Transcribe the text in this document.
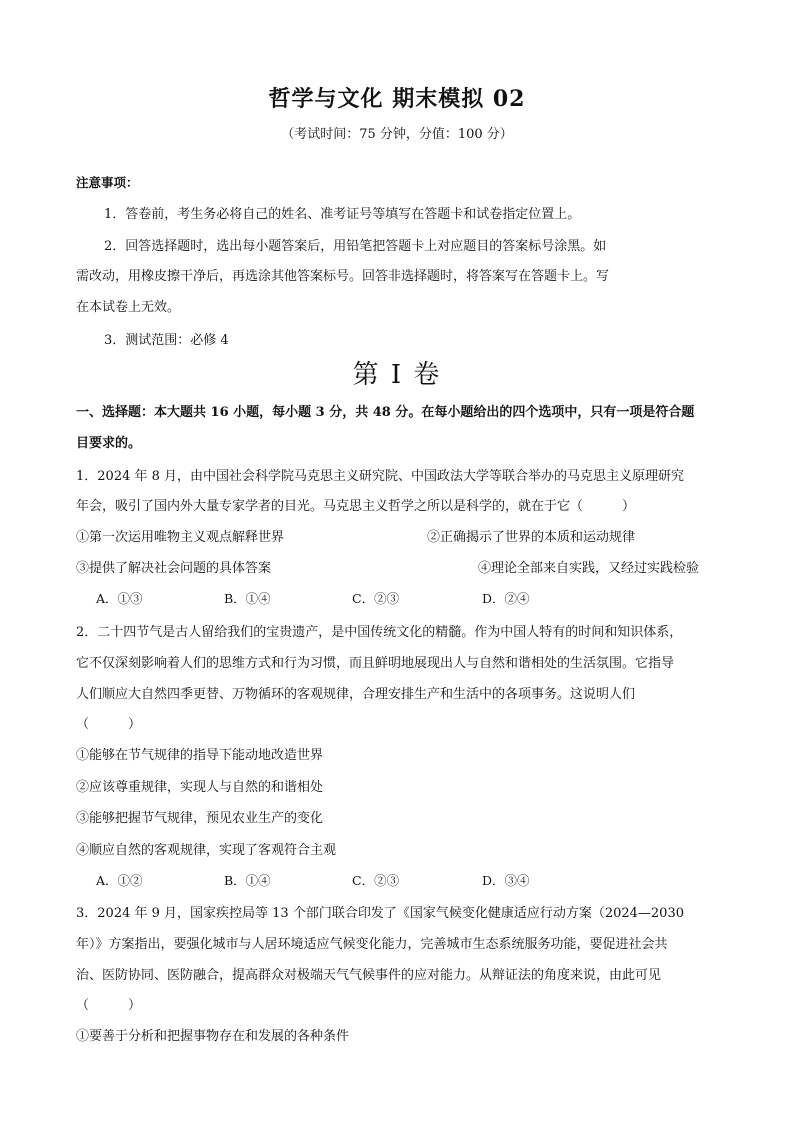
哲学与文化 期末模拟 02
（考试时间：75 分钟，分值：100 分）
注意事项：
1．答卷前，考生务必将自己的姓名、准考证号等填写在答题卡和试卷指定位置上。
2．回答选择题时，选出每小题答案后，用铅笔把答题卡上对应题目的答案标号涂黑。如
需改动，用橡皮擦干净后，再选涂其他答案标号。回答非选择题时，将答案写在答题卡上。写
在本试卷上无效。
3．测试范围：必修 4
第 I 卷
一、选择题：本大题共 16 小题，每小题 3 分，共 48 分。在每小题给出的四个选项中，只有一项是符合题
目要求的。
1．2024 年 8 月，由中国社会科学院马克思主义研究院、中国政法大学等联合举办的马克思主义原理研究
年会，吸引了国内外大量专家学者的目光。马克思主义哲学之所以是科学的，就在于它（　　　）
①第一次运用唯物主义观点解释世界	②正确揭示了世界的本质和运动规律
③提供了解决社会问题的具体答案	④理论全部来自实践，又经过实践检验
A．①③	B．①④	C．②③	D．②④
2．二十四节气是古人留给我们的宝贵遗产，是中国传统文化的精髓。作为中国人特有的时间和知识体系，
它不仅深刻影响着人们的思维方式和行为习惯，而且鲜明地展现出人与自然和谐相处的生活氛围。它指导
人们顺应大自然四季更替、万物循环的客观规律，合理安排生产和生活中的各项事务。这说明人们
（　　　）
①能够在节气规律的指导下能动地改造世界
②应该尊重规律，实现人与自然的和谐相处
③能够把握节气规律，预见农业生产的变化
④顺应自然的客观规律，实现了客观符合主观
A．①②	B．①④	C．②③	D．③④
3．2024 年 9 月，国家疾控局等 13 个部门联合印发了《国家气候变化健康适应行动方案（2024—2030
年）》方案指出，要强化城市与人居环境适应气候变化能力，完善城市生态系统服务功能，要促进社会共
治、医防协同、医防融合，提高群众对极端天气气候事件的应对能力。从辩证法的角度来说，由此可见
（　　　）
①要善于分析和把握事物存在和发展的各种条件
